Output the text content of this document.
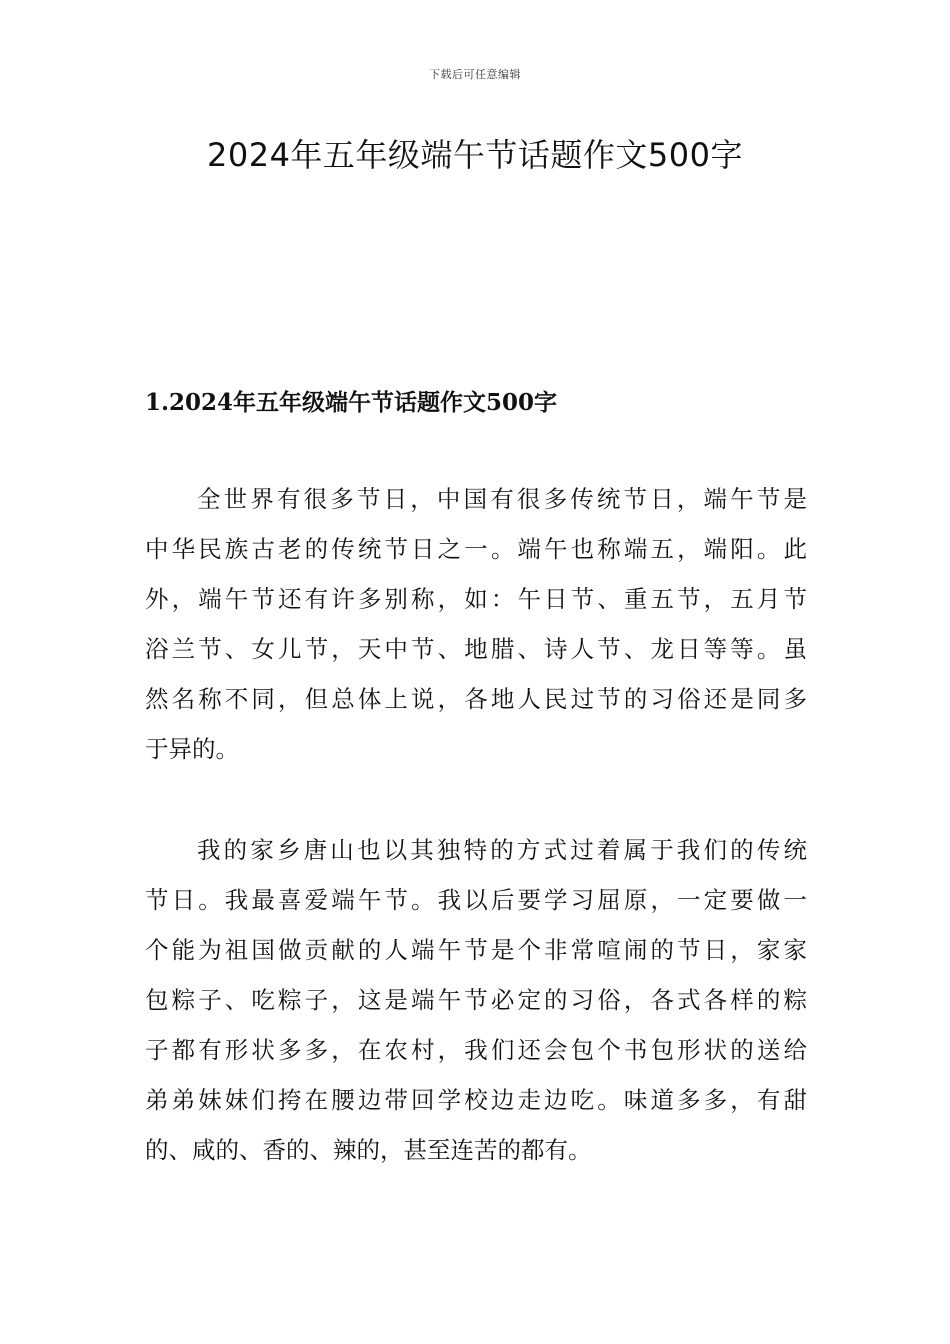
下载后可任意编辑
2024年五年级端午节话题作文500字
1.2024年五年级端午节话题作文500字
全世界有很多节日，中国有很多传统节日，端午节是
中华民族古老的传统节日之一。端午也称端五，端阳。此
外，端午节还有许多别称，如：午日节、重五节，五月节
浴兰节、女儿节，天中节、地腊、诗人节、龙日等等。虽
然名称不同，但总体上说，各地人民过节的习俗还是同多
于异的。
我的家乡唐山也以其独特的方式过着属于我们的传统
节日。我最喜爱端午节。我以后要学习屈原，一定要做一
个能为祖国做贡献的人端午节是个非常喧闹的节日，家家
包粽子、吃粽子，这是端午节必定的习俗，各式各样的粽
子都有形状多多，在农村，我们还会包个书包形状的送给
弟弟妹妹们挎在腰边带回学校边走边吃。味道多多，有甜
的、咸的、香的、辣的，甚至连苦的都有。
